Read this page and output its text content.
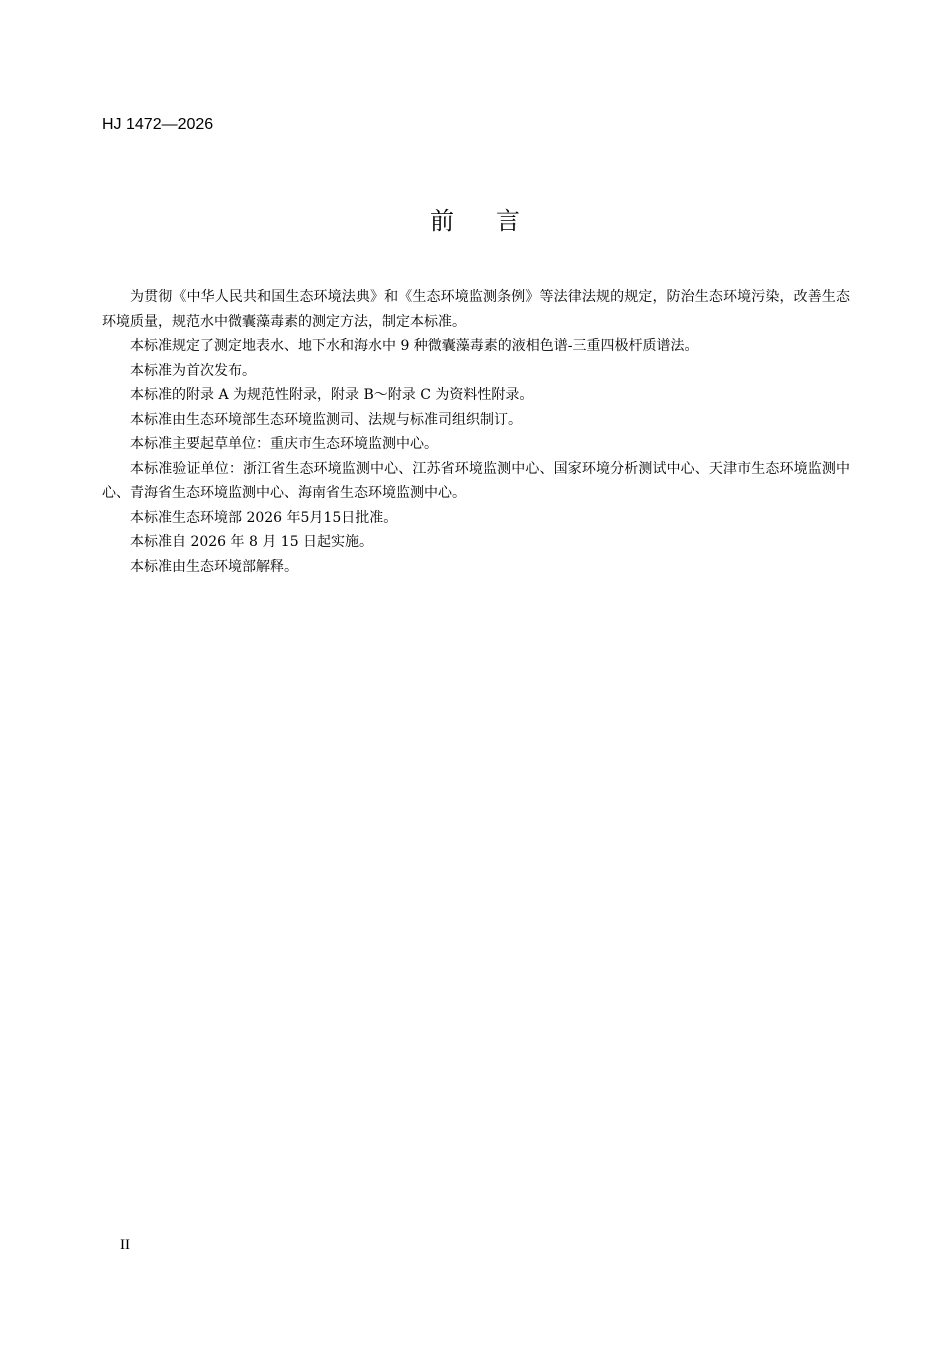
HJ 1472—2026
前言

为贯彻《中华人民共和国生态环境法典》和《生态环境监测条例》等法律法规的规定，防治生态环境污染，改善生态环境质量，规范水中微囊藻毒素的测定方法，制定本标准。

本标准规定了测定地表水、地下水和海水中 9 种微囊藻毒素的液相色谱-三重四极杆质谱法。

本标准为首次发布。

本标准的附录 A 为规范性附录，附录 B～附录 C 为资料性附录。

本标准由生态环境部生态环境监测司、法规与标准司组织制订。

本标准主要起草单位：重庆市生态环境监测中心。

本标准验证单位：浙江省生态环境监测中心、江苏省环境监测中心、国家环境分析测试中心、天津市生态环境监测中心、青海省生态环境监测中心、海南省生态环境监测中心。

本标准生态环境部 2026 年5月15日批准。

本标准自 2026 年 8 月 15 日起实施。

本标准由生态环境部解释。

II
